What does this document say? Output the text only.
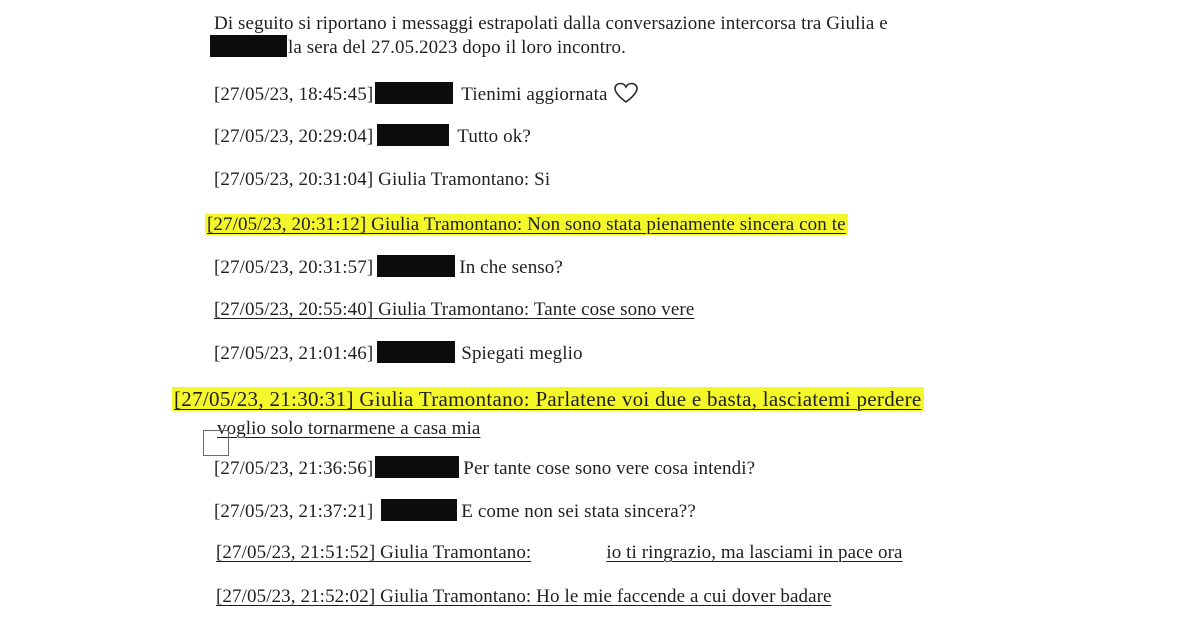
Di seguito si riportano i messaggi estrapolati dalla conversazione intercorsa tra Giulia e
la sera del 27.05.2023 dopo il loro incontro.
[27/05/23, 18:45:45]	Tienimi aggiornata
[27/05/23, 20:29:04]	Tutto ok?
[27/05/23, 20:31:04] Giulia Tramontano: Si
[27/05/23, 20:31:12] Giulia Tramontano: Non sono stata pienamente sincera con te
[27/05/23, 20:31:57]	In che senso?
[27/05/23, 20:55:40] Giulia Tramontano: Tante cose sono vere
[27/05/23, 21:01:46]	Spiegati meglio
[27/05/23, 21:30:31] Giulia Tramontano: Parlatene voi due e basta, lasciatemi perdere
voglio solo tornarmene a casa mia
[27/05/23, 21:36:56]	Per tante cose sono vere cosa intendi?
[27/05/23, 21:37:21]	E come non sei stata sincera??
[27/05/23, 21:51:52] Giulia Tramontano:	io ti ringrazio, ma lasciami in pace ora
[27/05/23, 21:52:02] Giulia Tramontano: Ho le mie faccende a cui dover badare
